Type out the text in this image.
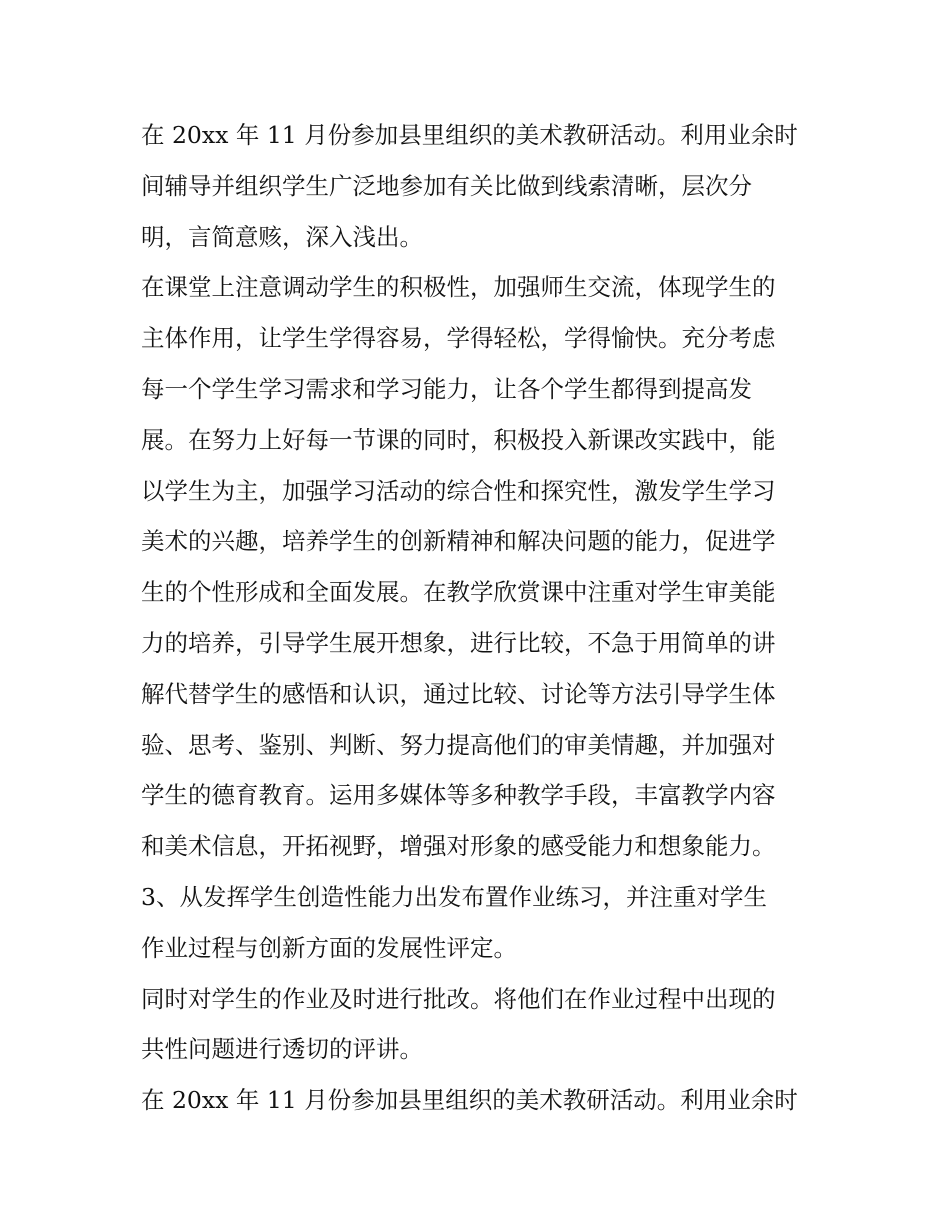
在 20xx 年 11 月份参加县里组织的美术教研活动。利用业余时
间辅导并组织学生广泛地参加有关比做到线索清晰，层次分
明，言简意赅，深入浅出。
在课堂上注意调动学生的积极性，加强师生交流，体现学生的
主体作用，让学生学得容易，学得轻松，学得愉快。充分考虑
每一个学生学习需求和学习能力，让各个学生都得到提高发
展。在努力上好每一节课的同时，积极投入新课改实践中，能
以学生为主，加强学习活动的综合性和探究性，激发学生学习
美术的兴趣，培养学生的创新精神和解决问题的能力，促进学
生的个性形成和全面发展。在教学欣赏课中注重对学生审美能
力的培养，引导学生展开想象，进行比较，不急于用简单的讲
解代替学生的感悟和认识，通过比较、讨论等方法引导学生体
验、思考、鉴别、判断、努力提高他们的审美情趣，并加强对
学生的德育教育。运用多媒体等多种教学手段，丰富教学内容
和美术信息，开拓视野，增强对形象的感受能力和想象能力。
3、从发挥学生创造性能力出发布置作业练习，并注重对学生
作业过程与创新方面的发展性评定。
同时对学生的作业及时进行批改。将他们在作业过程中出现的
共性问题进行透切的评讲。
在 20xx 年 11 月份参加县里组织的美术教研活动。利用业余时
